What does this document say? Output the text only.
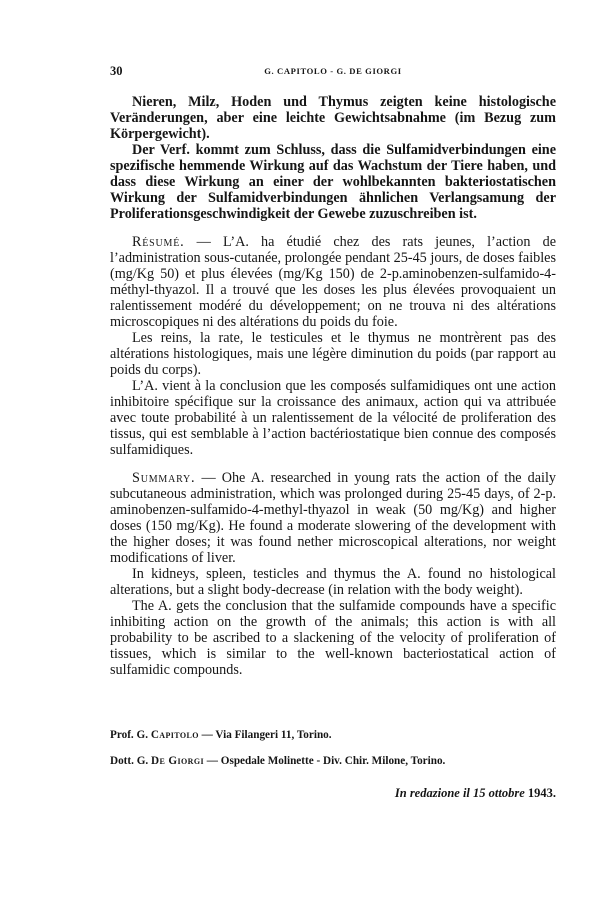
30	G. CAPITOLO - G. DE GIORGI

Nieren, Milz, Hoden und Thymus zeigten keine histologische Veränderungen, aber eine leichte Gewichtsabnahme (im Bezug zum Körpergewicht).

Der Verf. kommt zum Schluss, dass die Sulfamidverbindungen eine spezifische hemmende Wirkung auf das Wachstum der Tiere haben, und dass diese Wirkung an einer der wohlbekannten bakteriostatischen Wirkung der Sulfamidverbindungen ähnlichen Verlangsamung der Proliferationsgeschwindigkeit der Gewebe zuzuschreiben ist.

Résumé. — L’A. ha étudié chez des rats jeunes, l’action de l’administration sous-cutanée, prolongée pendant 25-45 jours, de doses faibles (mg/Kg 50) et plus élevées (mg/Kg 150) de 2-p.aminobenzen-sulfamido-4-méthyl-thyazol. Il a trouvé que les doses les plus élevées provoquaient un ralentissement modéré du développement; on ne trouva ni des altérations microscopiques ni des altérations du poids du foie.

Les reins, la rate, le testicules et le thymus ne montrèrent pas des altérations histologiques, mais une légère diminution du poids (par rapport au poids du corps).

L’A. vient à la conclusion que les composés sulfamidiques ont une action inhibitoire spécifique sur la croissance des animaux, action qui va attribuée avec toute probabilité à un ralentissement de la vélocité de proliferation des tissus, qui est semblable à l’action bactériostatique bien connue des composés sulfamidiques.

Summary. — Ohe A. researched in young rats the action of the daily subcutaneous administration, which was prolonged during 25-45 days, of 2-p. aminobenzen-sulfamido-4-methyl-thyazol in weak (50 mg/Kg) and higher doses (150 mg/Kg). He found a moderate slowering of the development with the higher doses; it was found nether microscopical alterations, nor weight modifications of liver.

In kidneys, spleen, testicles and thymus the A. found no histological alterations, but a slight body-decrease (in relation with the body weight).

The A. gets the conclusion that the sulfamide compounds have a specific inhibiting action on the growth of the animals; this action is with all probability to be ascribed to a slackening of the velocity of proliferation of tissues, which is similar to the well-known bacteriostatical action of sulfamidic compounds.

Prof. G. Capitolo — Via Filangeri 11, Torino.
Dott. G. De Giorgi — Ospedale Molinette - Div. Chir. Milone, Torino.
In redazione il 15 ottobre 1943.
